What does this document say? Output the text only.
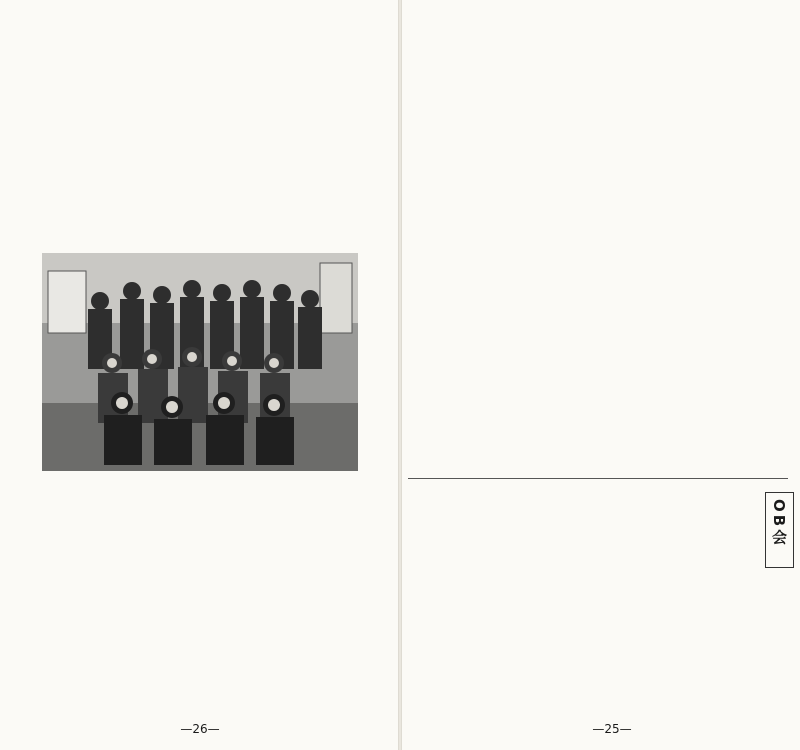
—26—
OB会
—25—
